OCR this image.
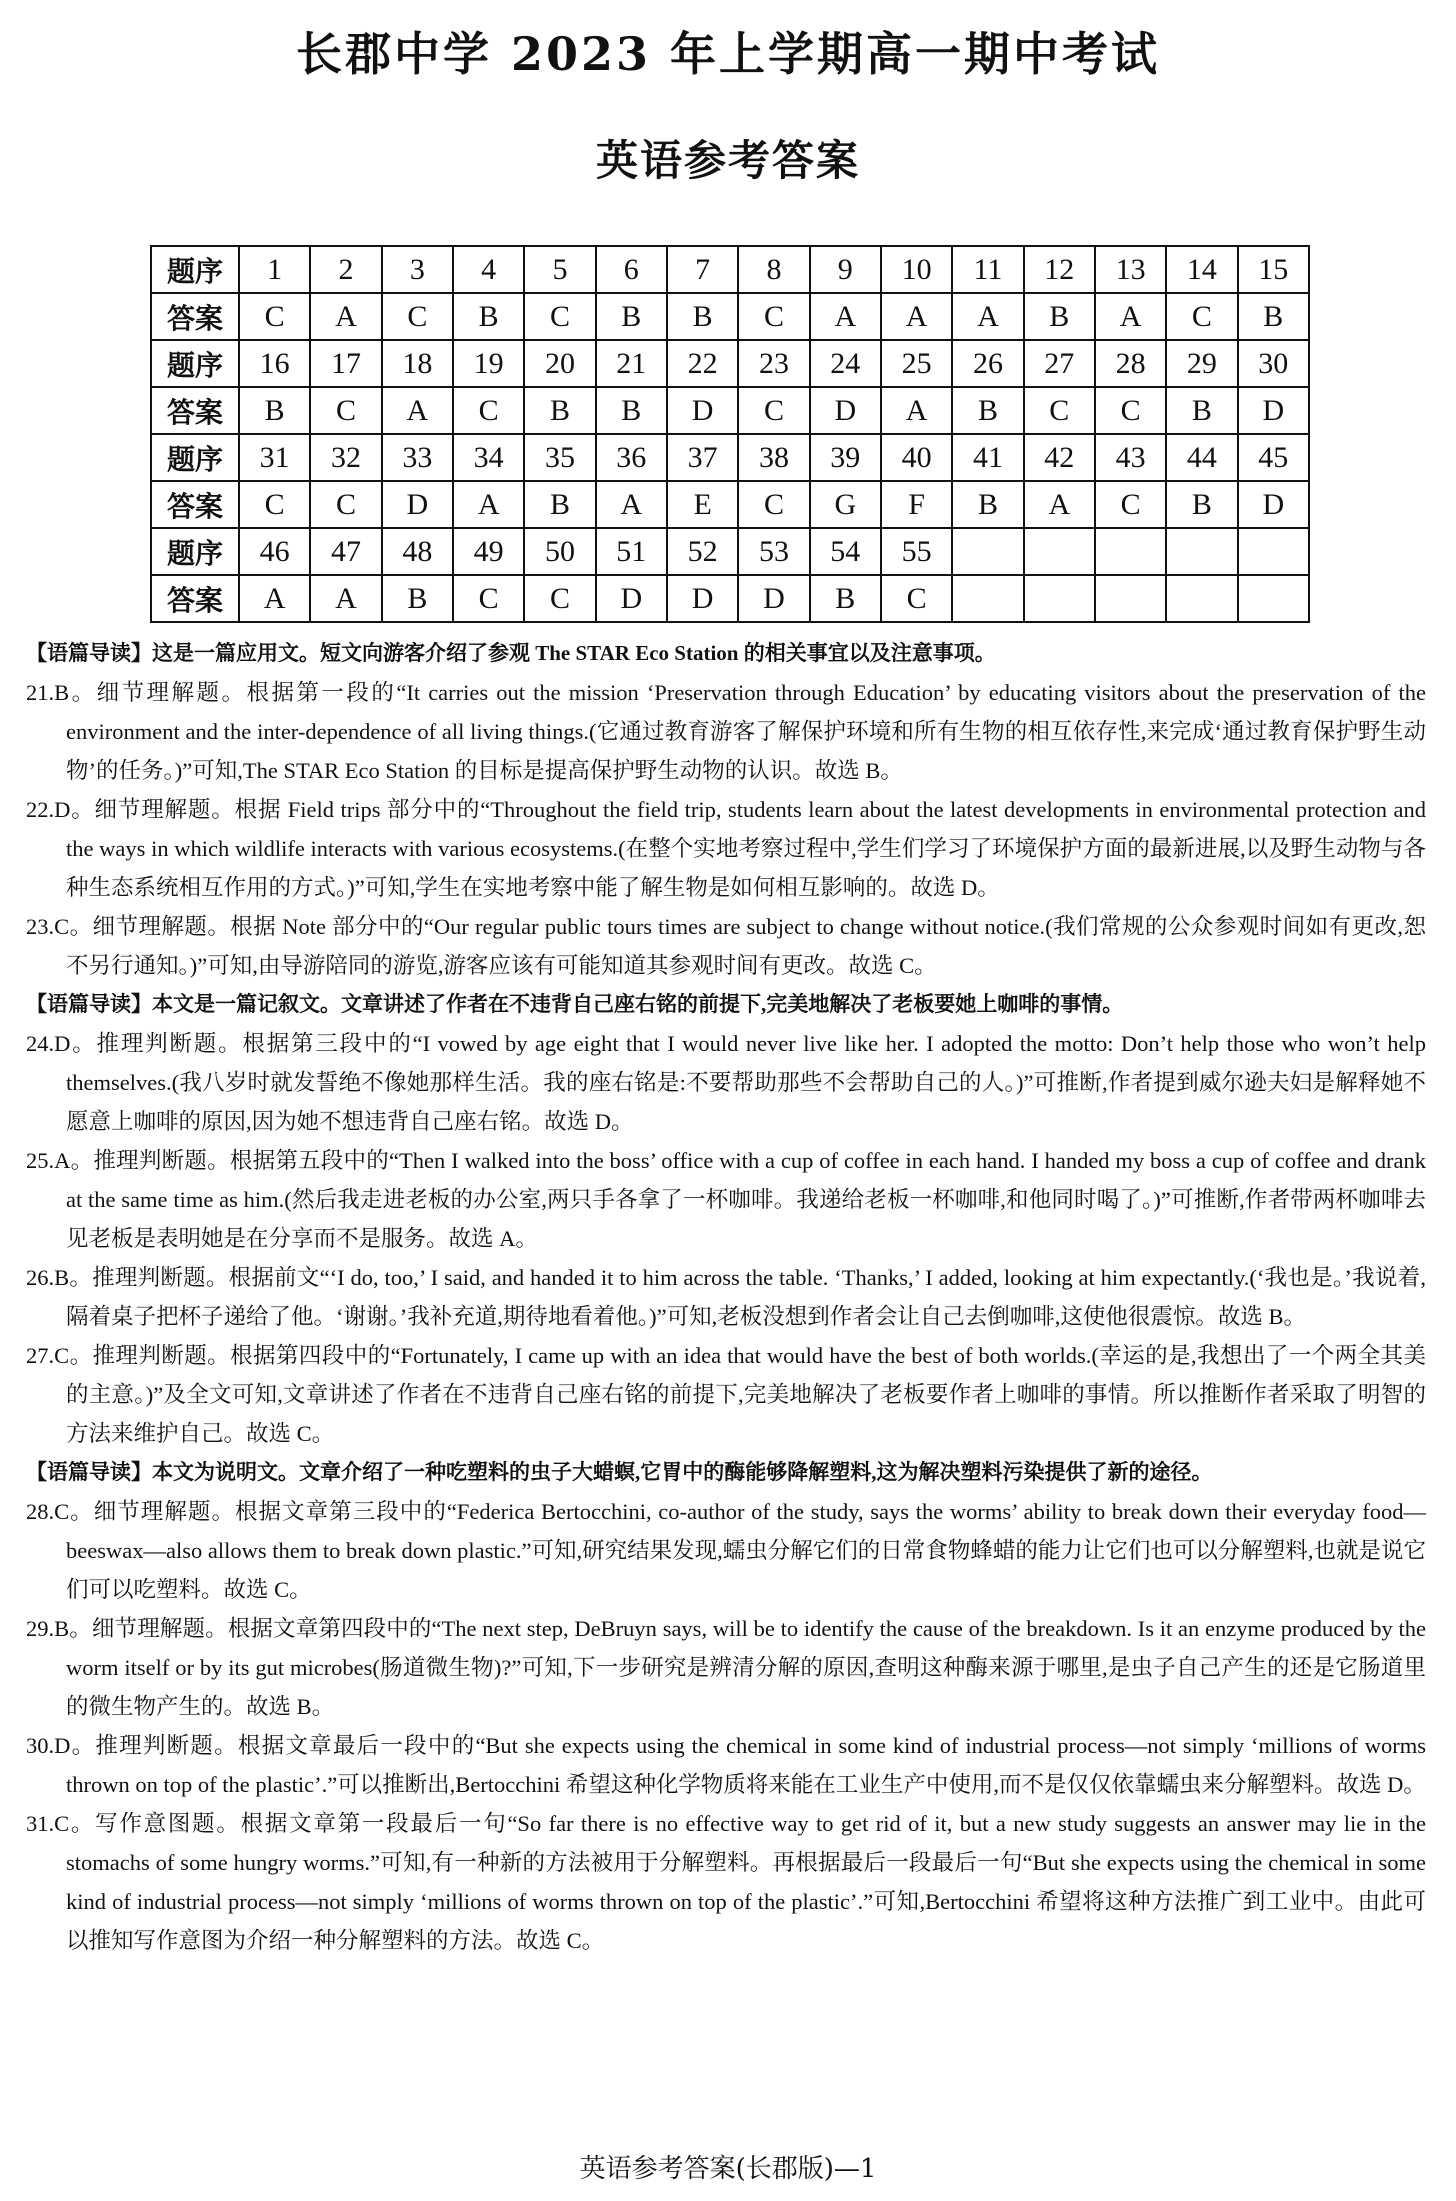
长郡中学 2023 年上学期高一期中考试
英语参考答案
题序	1	2	3	4	5	6	7	8	9	10	11	12	13	14	15
答案	C	A	C	B	C	B	B	C	A	A	A	B	A	C	B
题序	16	17	18	19	20	21	22	23	24	25	26	27	28	29	30
答案	B	C	A	C	B	B	D	C	D	A	B	C	C	B	D
题序	31	32	33	34	35	36	37	38	39	40	41	42	43	44	45
答案	C	C	D	A	B	A	E	C	G	F	B	A	C	B	D
题序	46	47	48	49	50	51	52	53	54	55					
答案	A	A	B	C	C	D	D	D	B	C					

【语篇导读】这是一篇应用文。短文向游客介绍了参观 The STAR Eco Station 的相关事宜以及注意事项。

21.B。细节理解题。根据第一段的“It carries out the mission ‘Preservation through Education’ by educating visitors about the preservation of the environment and the inter-dependence of all living things.(它通过教育游客了解保护环境和所有生物的相互依存性,来完成‘通过教育保护野生动物’的任务。)”可知,The STAR Eco Station 的目标是提高保护野生动物的认识。故选 B。

22.D。细节理解题。根据 Field trips 部分中的“Throughout the field trip, students learn about the latest developments in environmental protection and the ways in which wildlife interacts with various ecosystems.(在整个实地考察过程中,学生们学习了环境保护方面的最新进展,以及野生动物与各种生态系统相互作用的方式。)”可知,学生在实地考察中能了解生物是如何相互影响的。故选 D。

23.C。细节理解题。根据 Note 部分中的“Our regular public tours times are subject to change without notice.(我们常规的公众参观时间如有更改,恕不另行通知。)”可知,由导游陪同的游览,游客应该有可能知道其参观时间有更改。故选 C。

【语篇导读】本文是一篇记叙文。文章讲述了作者在不违背自己座右铭的前提下,完美地解决了老板要她上咖啡的事情。

24.D。推理判断题。根据第三段中的“I vowed by age eight that I would never live like her. I adopted the motto: Don’t help those who won’t help themselves.(我八岁时就发誓绝不像她那样生活。我的座右铭是:不要帮助那些不会帮助自己的人。)”可推断,作者提到威尔逊夫妇是解释她不愿意上咖啡的原因,因为她不想违背自己座右铭。故选 D。

25.A。推理判断题。根据第五段中的“Then I walked into the boss’ office with a cup of coffee in each hand. I handed my boss a cup of coffee and drank at the same time as him.(然后我走进老板的办公室,两只手各拿了一杯咖啡。我递给老板一杯咖啡,和他同时喝了。)”可推断,作者带两杯咖啡去见老板是表明她是在分享而不是服务。故选 A。

26.B。推理判断题。根据前文“‘I do, too,’ I said, and handed it to him across the table. ‘Thanks,’ I added, looking at him expectantly.(‘我也是。’我说着,隔着桌子把杯子递给了他。‘谢谢。’我补充道,期待地看着他。)”可知,老板没想到作者会让自己去倒咖啡,这使他很震惊。故选 B。

27.C。推理判断题。根据第四段中的“Fortunately, I came up with an idea that would have the best of both worlds.(幸运的是,我想出了一个两全其美的主意。)”及全文可知,文章讲述了作者在不违背自己座右铭的前提下,完美地解决了老板要作者上咖啡的事情。所以推断作者采取了明智的方法来维护自己。故选 C。

【语篇导读】本文为说明文。文章介绍了一种吃塑料的虫子大蜡螟,它胃中的酶能够降解塑料,这为解决塑料污染提供了新的途径。

28.C。细节理解题。根据文章第三段中的“Federica Bertocchini, co-author of the study, says the worms’ ability to break down their everyday food—beeswax—also allows them to break down plastic.”可知,研究结果发现,蠕虫分解它们的日常食物蜂蜡的能力让它们也可以分解塑料,也就是说它们可以吃塑料。故选 C。

29.B。细节理解题。根据文章第四段中的“The next step, DeBruyn says, will be to identify the cause of the breakdown. Is it an enzyme produced by the worm itself or by its gut microbes(肠道微生物)?”可知,下一步研究是辨清分解的原因,查明这种酶来源于哪里,是虫子自己产生的还是它肠道里的微生物产生的。故选 B。

30.D。推理判断题。根据文章最后一段中的“But she expects using the chemical in some kind of industrial process—not simply ‘millions of worms thrown on top of the plastic’.”可以推断出,Bertocchini 希望这种化学物质将来能在工业生产中使用,而不是仅仅依靠蠕虫来分解塑料。故选 D。

31.C。写作意图题。根据文章第一段最后一句“So far there is no effective way to get rid of it, but a new study suggests an answer may lie in the stomachs of some hungry worms.”可知,有一种新的方法被用于分解塑料。再根据最后一段最后一句“But she expects using the chemical in some kind of industrial process—not simply ‘millions of worms thrown on top of the plastic’.”可知,Bertocchini 希望将这种方法推广到工业中。由此可以推知写作意图为介绍一种分解塑料的方法。故选 C。

英语参考答案(长郡版)—1
